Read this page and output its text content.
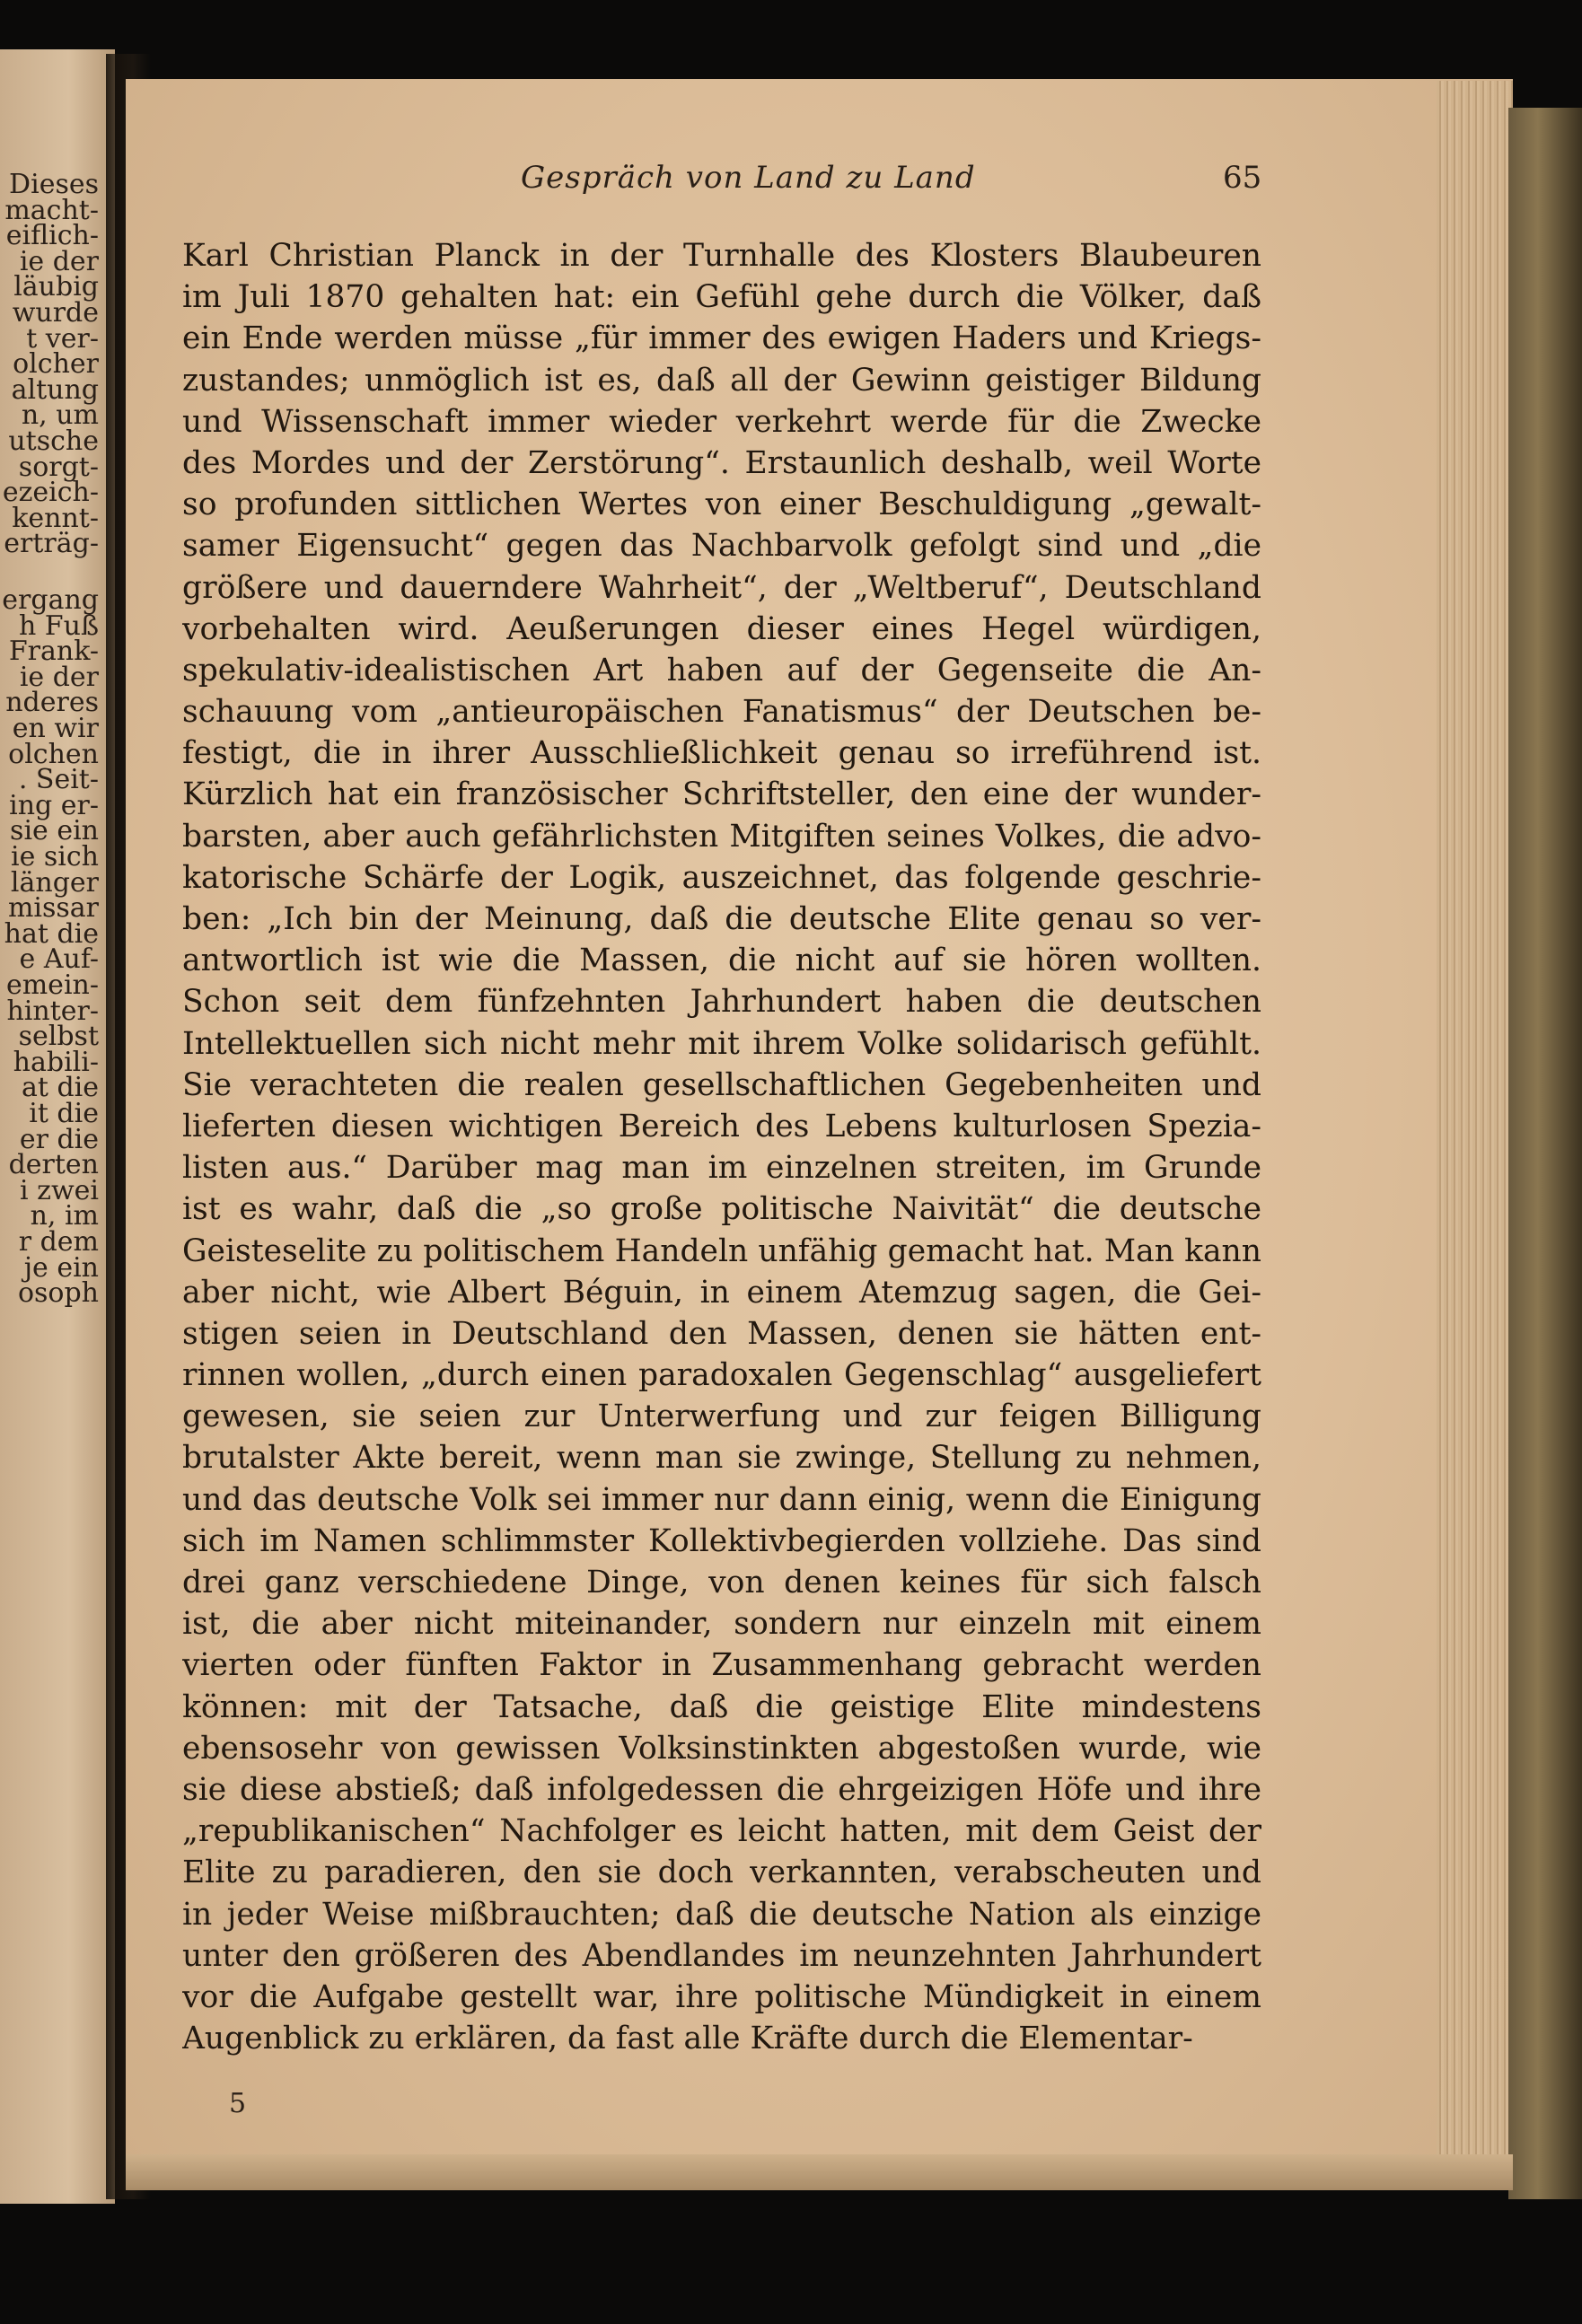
Dieses

macht-

eiflich-

ie der

läubig

wurde

t ver-

olcher

altung

n, um

utsche

sorgt-

ezeich-

kennt-

erträg-

ergang

h Fuß

Frank-

ie der

nderes

en wir

olchen

. Seit-

ing er-

sie ein

ie sich

länger

missar

hat die

e Auf-

emein-

hinter-

selbst

habili-

at die

it die

er die

derten

i zwei

n, im

r dem

je ein

osoph

Gespräch von Land zu Land	65
Karl Christian Planck in der Turnhalle des Klosters Blaubeuren
im Juli 1870 gehalten hat: ein Gefühl gehe durch die Völker, daß
ein Ende werden müsse „für immer des ewigen Haders und Kriegs-
zustandes; unmöglich ist es, daß all der Gewinn geistiger Bildung
und Wissenschaft immer wieder verkehrt werde für die Zwecke
des Mordes und der Zerstörung“. Erstaunlich deshalb, weil Worte
so profunden sittlichen Wertes von einer Beschuldigung „gewalt-
samer Eigensucht“ gegen das Nachbarvolk gefolgt sind und „die
größere und dauerndere Wahrheit“, der „Weltberuf“, Deutschland
vorbehalten wird. Aeußerungen dieser eines Hegel würdigen,
spekulativ-idealistischen Art haben auf der Gegenseite die An-
schauung vom „antieuropäischen Fanatismus“ der Deutschen be-
festigt, die in ihrer Ausschließlichkeit genau so irreführend ist.
Kürzlich hat ein französischer Schriftsteller, den eine der wunder-
barsten, aber auch gefährlichsten Mitgiften seines Volkes, die advo-
katorische Schärfe der Logik, auszeichnet, das folgende geschrie-
ben: „Ich bin der Meinung, daß die deutsche Elite genau so ver-
antwortlich ist wie die Massen, die nicht auf sie hören wollten.
Schon seit dem fünfzehnten Jahrhundert haben die deutschen
Intellektuellen sich nicht mehr mit ihrem Volke solidarisch gefühlt.
Sie verachteten die realen gesellschaftlichen Gegebenheiten und
lieferten diesen wichtigen Bereich des Lebens kulturlosen Spezia-
listen aus.“ Darüber mag man im einzelnen streiten, im Grunde
ist es wahr, daß die „so große politische Naivität“ die deutsche
Geisteselite zu politischem Handeln unfähig gemacht hat. Man kann
aber nicht, wie Albert Béguin, in einem Atemzug sagen, die Gei-
stigen seien in Deutschland den Massen, denen sie hätten ent-
rinnen wollen, „durch einen paradoxalen Gegenschlag“ ausgeliefert
gewesen, sie seien zur Unterwerfung und zur feigen Billigung
brutalster Akte bereit, wenn man sie zwinge, Stellung zu nehmen,
und das deutsche Volk sei immer nur dann einig, wenn die Einigung
sich im Namen schlimmster Kollektivbegierden vollziehe. Das sind
drei ganz verschiedene Dinge, von denen keines für sich falsch
ist, die aber nicht miteinander, sondern nur einzeln mit einem
vierten oder fünften Faktor in Zusammenhang gebracht werden
können: mit der Tatsache, daß die geistige Elite mindestens
ebensosehr von gewissen Volksinstinkten abgestoßen wurde, wie
sie diese abstieß; daß infolgedessen die ehrgeizigen Höfe und ihre
„republikanischen“ Nachfolger es leicht hatten, mit dem Geist der
Elite zu paradieren, den sie doch verkannten, verabscheuten und
in jeder Weise mißbrauchten; daß die deutsche Nation als einzige
unter den größeren des Abendlandes im neunzehnten Jahrhundert
vor die Aufgabe gestellt war, ihre politische Mündigkeit in einem
Augenblick zu erklären, da fast alle Kräfte durch die Elementar-
5
